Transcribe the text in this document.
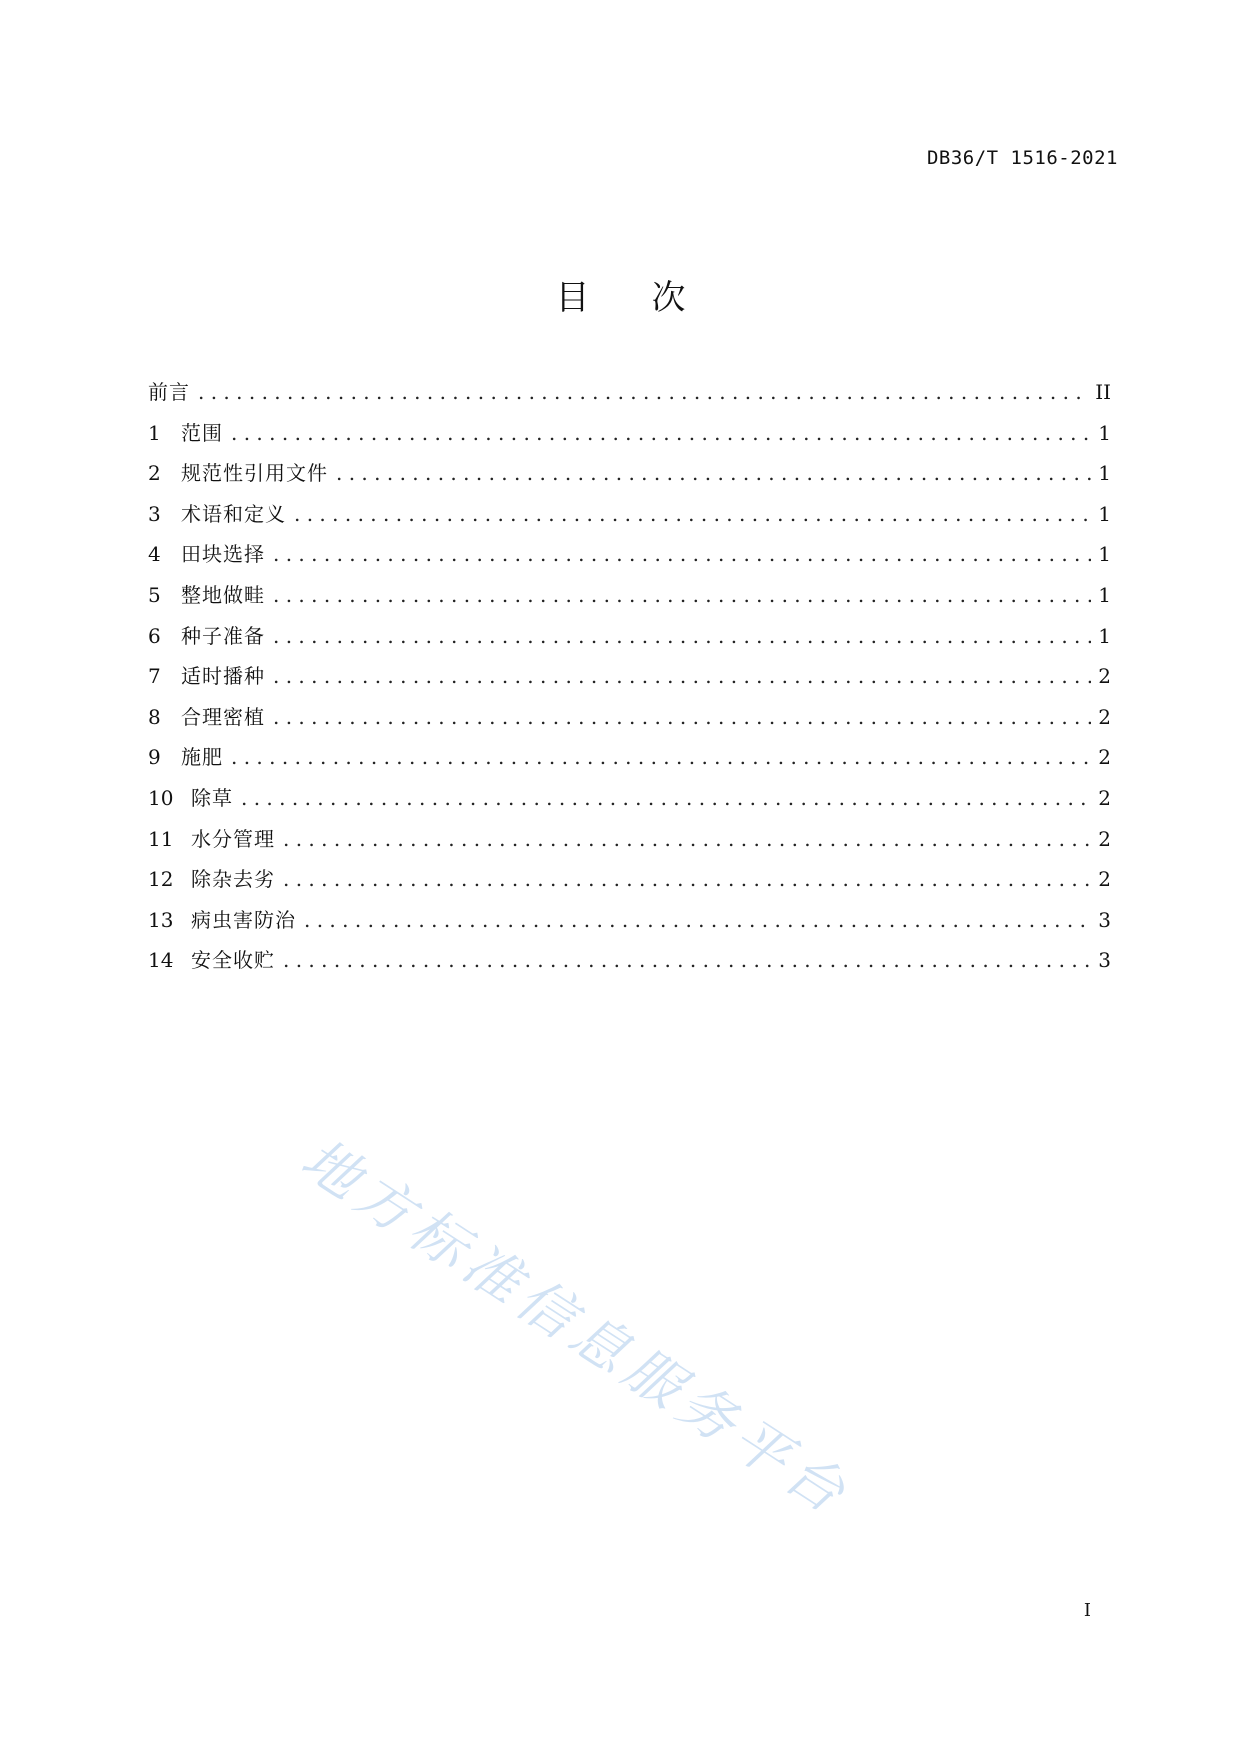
DB36/T 1516-2021
目 次
前言 . . .	II
1	范围 . . .	1
2	规范性引用文件 . . .	1
3	术语和定义 . . .	1
4	田块选择 . . .	1
5	整地做畦 . . .	1
6	种子准备 . . .	1
7	适时播种 . . .	2
8	合理密植 . . .	2
9	施肥 . . .	2
10 除草 . . .	2
11 水分管理 . . .	2
12 除杂去劣 . . .	2
13 病虫害防治 . . .	3
14 安全收贮 . . .	3
地方标准信息服务平台
I
